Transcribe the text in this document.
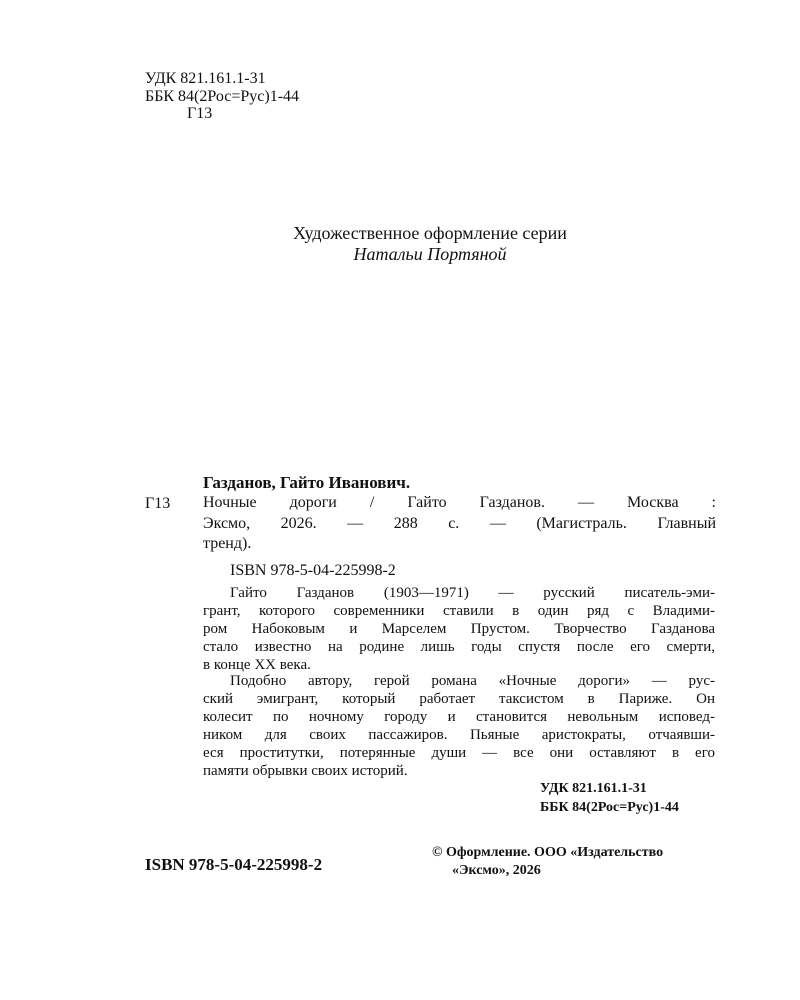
УДК 821.161.1-31
ББК 84(2Рос=Рус)1-44
Г13
Художественное оформление серии
Натальи Портяной
Газданов, Гайто Иванович.
Г13 Ночные дороги / Гайто Газданов. — Москва :
Эксмо, 2026. — 288 с. — (Магистраль. Главный
тренд).
ISBN 978-5-04-225998-2
Гайто Газданов (1903—1971) — русский писатель-эми-
грант, которого современники ставили в один ряд с Владими-
ром Набоковым и Марселем Прустом. Творчество Газданова
стало известно на родине лишь годы спустя после его смерти,
в конце XX века.
Подобно автору, герой романа «Ночные дороги» — рус-
ский эмигрант, который работает таксистом в Париже. Он
колесит по ночному городу и становится невольным исповед-
ником для своих пассажиров. Пьяные аристократы, отчаявши-
еся проститутки, потерянные души — все они оставляют в его
памяти обрывки своих историй.
УДК 821.161.1-31
ББК 84(2Рос=Рус)1-44
ISBN 978-5-04-225998-2
© Оформление. ООО «Издательство
«Эксмо», 2026
